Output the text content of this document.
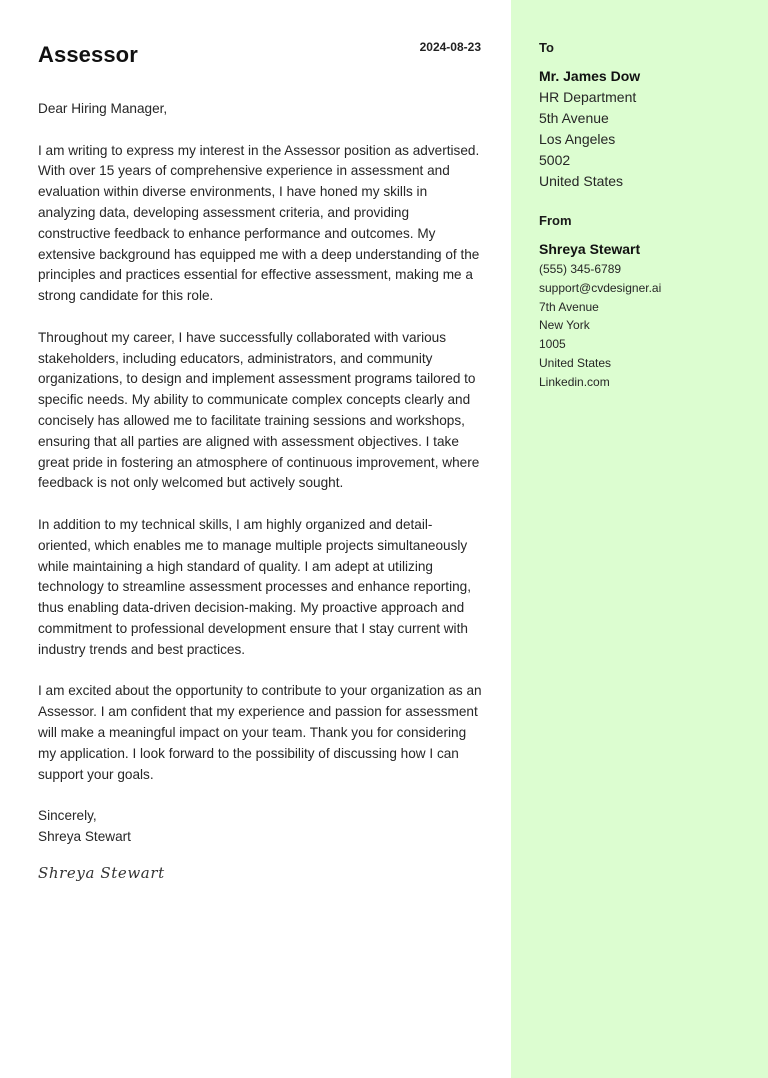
Assessor	2024-08-23

Dear Hiring Manager,

I am writing to express my interest in the Assessor position as advertised. With over 15 years of comprehensive experience in assessment and evaluation within diverse environments, I have honed my skills in analyzing data, developing assessment criteria, and providing constructive feedback to enhance performance and outcomes. My extensive background has equipped me with a deep understanding of the principles and practices essential for effective assessment, making me a strong candidate for this role.

Throughout my career, I have successfully collaborated with various stakeholders, including educators, administrators, and community organizations, to design and implement assessment programs tailored to specific needs. My ability to communicate complex concepts clearly and concisely has allowed me to facilitate training sessions and workshops, ensuring that all parties are aligned with assessment objectives. I take great pride in fostering an atmosphere of continuous improvement, where feedback is not only welcomed but actively sought.

In addition to my technical skills, I am highly organized and detail-oriented, which enables me to manage multiple projects simultaneously while maintaining a high standard of quality. I am adept at utilizing technology to streamline assessment processes and enhance reporting, thus enabling data-driven decision-making. My proactive approach and commitment to professional development ensure that I stay current with industry trends and best practices.

I am excited about the opportunity to contribute to your organization as an Assessor. I am confident that my experience and passion for assessment will make a meaningful impact on your team. Thank you for considering my application. I look forward to the possibility of discussing how I can support your goals.

Sincerely,

Shreya Stewart

Shreya Stewart
To
Mr. James Dow
HR Department
5th Avenue
Los Angeles
5002
United States
From
Shreya Stewart
(555) 345-6789
support@cvdesigner.ai
7th Avenue
New York
1005
United States
Linkedin.com
